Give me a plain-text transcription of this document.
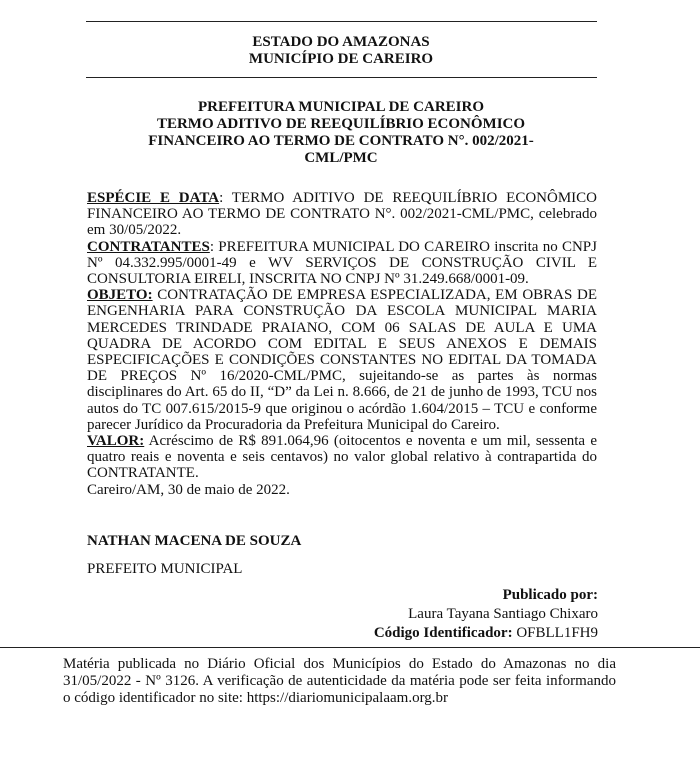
ESTADO DO AMAZONAS
MUNICÍPIO DE CAREIRO
PREFEITURA MUNICIPAL DE CAREIRO
TERMO ADITIVO DE REEQUILÍBRIO ECONÔMICO
FINANCEIRO AO TERMO DE CONTRATO N°. 002/2021-
CML/PMC

ESPÉCIE E DATA: TERMO ADITIVO DE REEQUILÍBRIO ECONÔMICO FINANCEIRO AO TERMO DE CONTRATO N°. 002/2021-CML/PMC, celebrado em 30/05/2022.

CONTRATANTES: PREFEITURA MUNICIPAL DO CAREIRO inscrita no CNPJ Nº 04.332.995/0001-49 e WV SERVIÇOS DE CONSTRUÇÃO CIVIL E CONSULTORIA EIRELI, INSCRITA NO CNPJ Nº 31.249.668/0001-09.

OBJETO: CONTRATAÇÃO DE EMPRESA ESPECIALIZADA, EM OBRAS DE ENGENHARIA PARA CONSTRUÇÃO DA ESCOLA MUNICIPAL MARIA MERCEDES TRINDADE PRAIANO, COM 06 SALAS DE AULA E UMA QUADRA DE ACORDO COM EDITAL E SEUS ANEXOS E DEMAIS ESPECIFICAÇÕES E CONDIÇÕES CONSTANTES NO EDITAL DA TOMADA DE PREÇOS Nº 16/2020-CML/PMC, sujeitando-se as partes às normas disciplinares do Art. 65 do II, “D” da Lei n. 8.666, de 21 de junho de 1993, TCU nos autos do TC 007.615/2015-9 que originou o acórdão 1.604/2015 – TCU e conforme parecer Jurídico da Procuradoria da Prefeitura Municipal do Careiro.

VALOR: Acréscimo de R$ 891.064,96 (oitocentos e noventa e um mil, sessenta e quatro reais e noventa e seis centavos) no valor global relativo à contrapartida do CONTRATANTE.

Careiro/AM, 30 de maio de 2022.

NATHAN MACENA DE SOUZA
PREFEITO MUNICIPAL
Publicado por:
Laura Tayana Santiago Chixaro
Código Identificador: OFBLL1FH9
Matéria publicada no Diário Oficial dos Municípios do Estado do Amazonas no dia 31/05/2022 - Nº 3126. A verificação de autenticidade da matéria pode ser feita informando o código identificador no site: https://diariomunicipalaam.org.br
